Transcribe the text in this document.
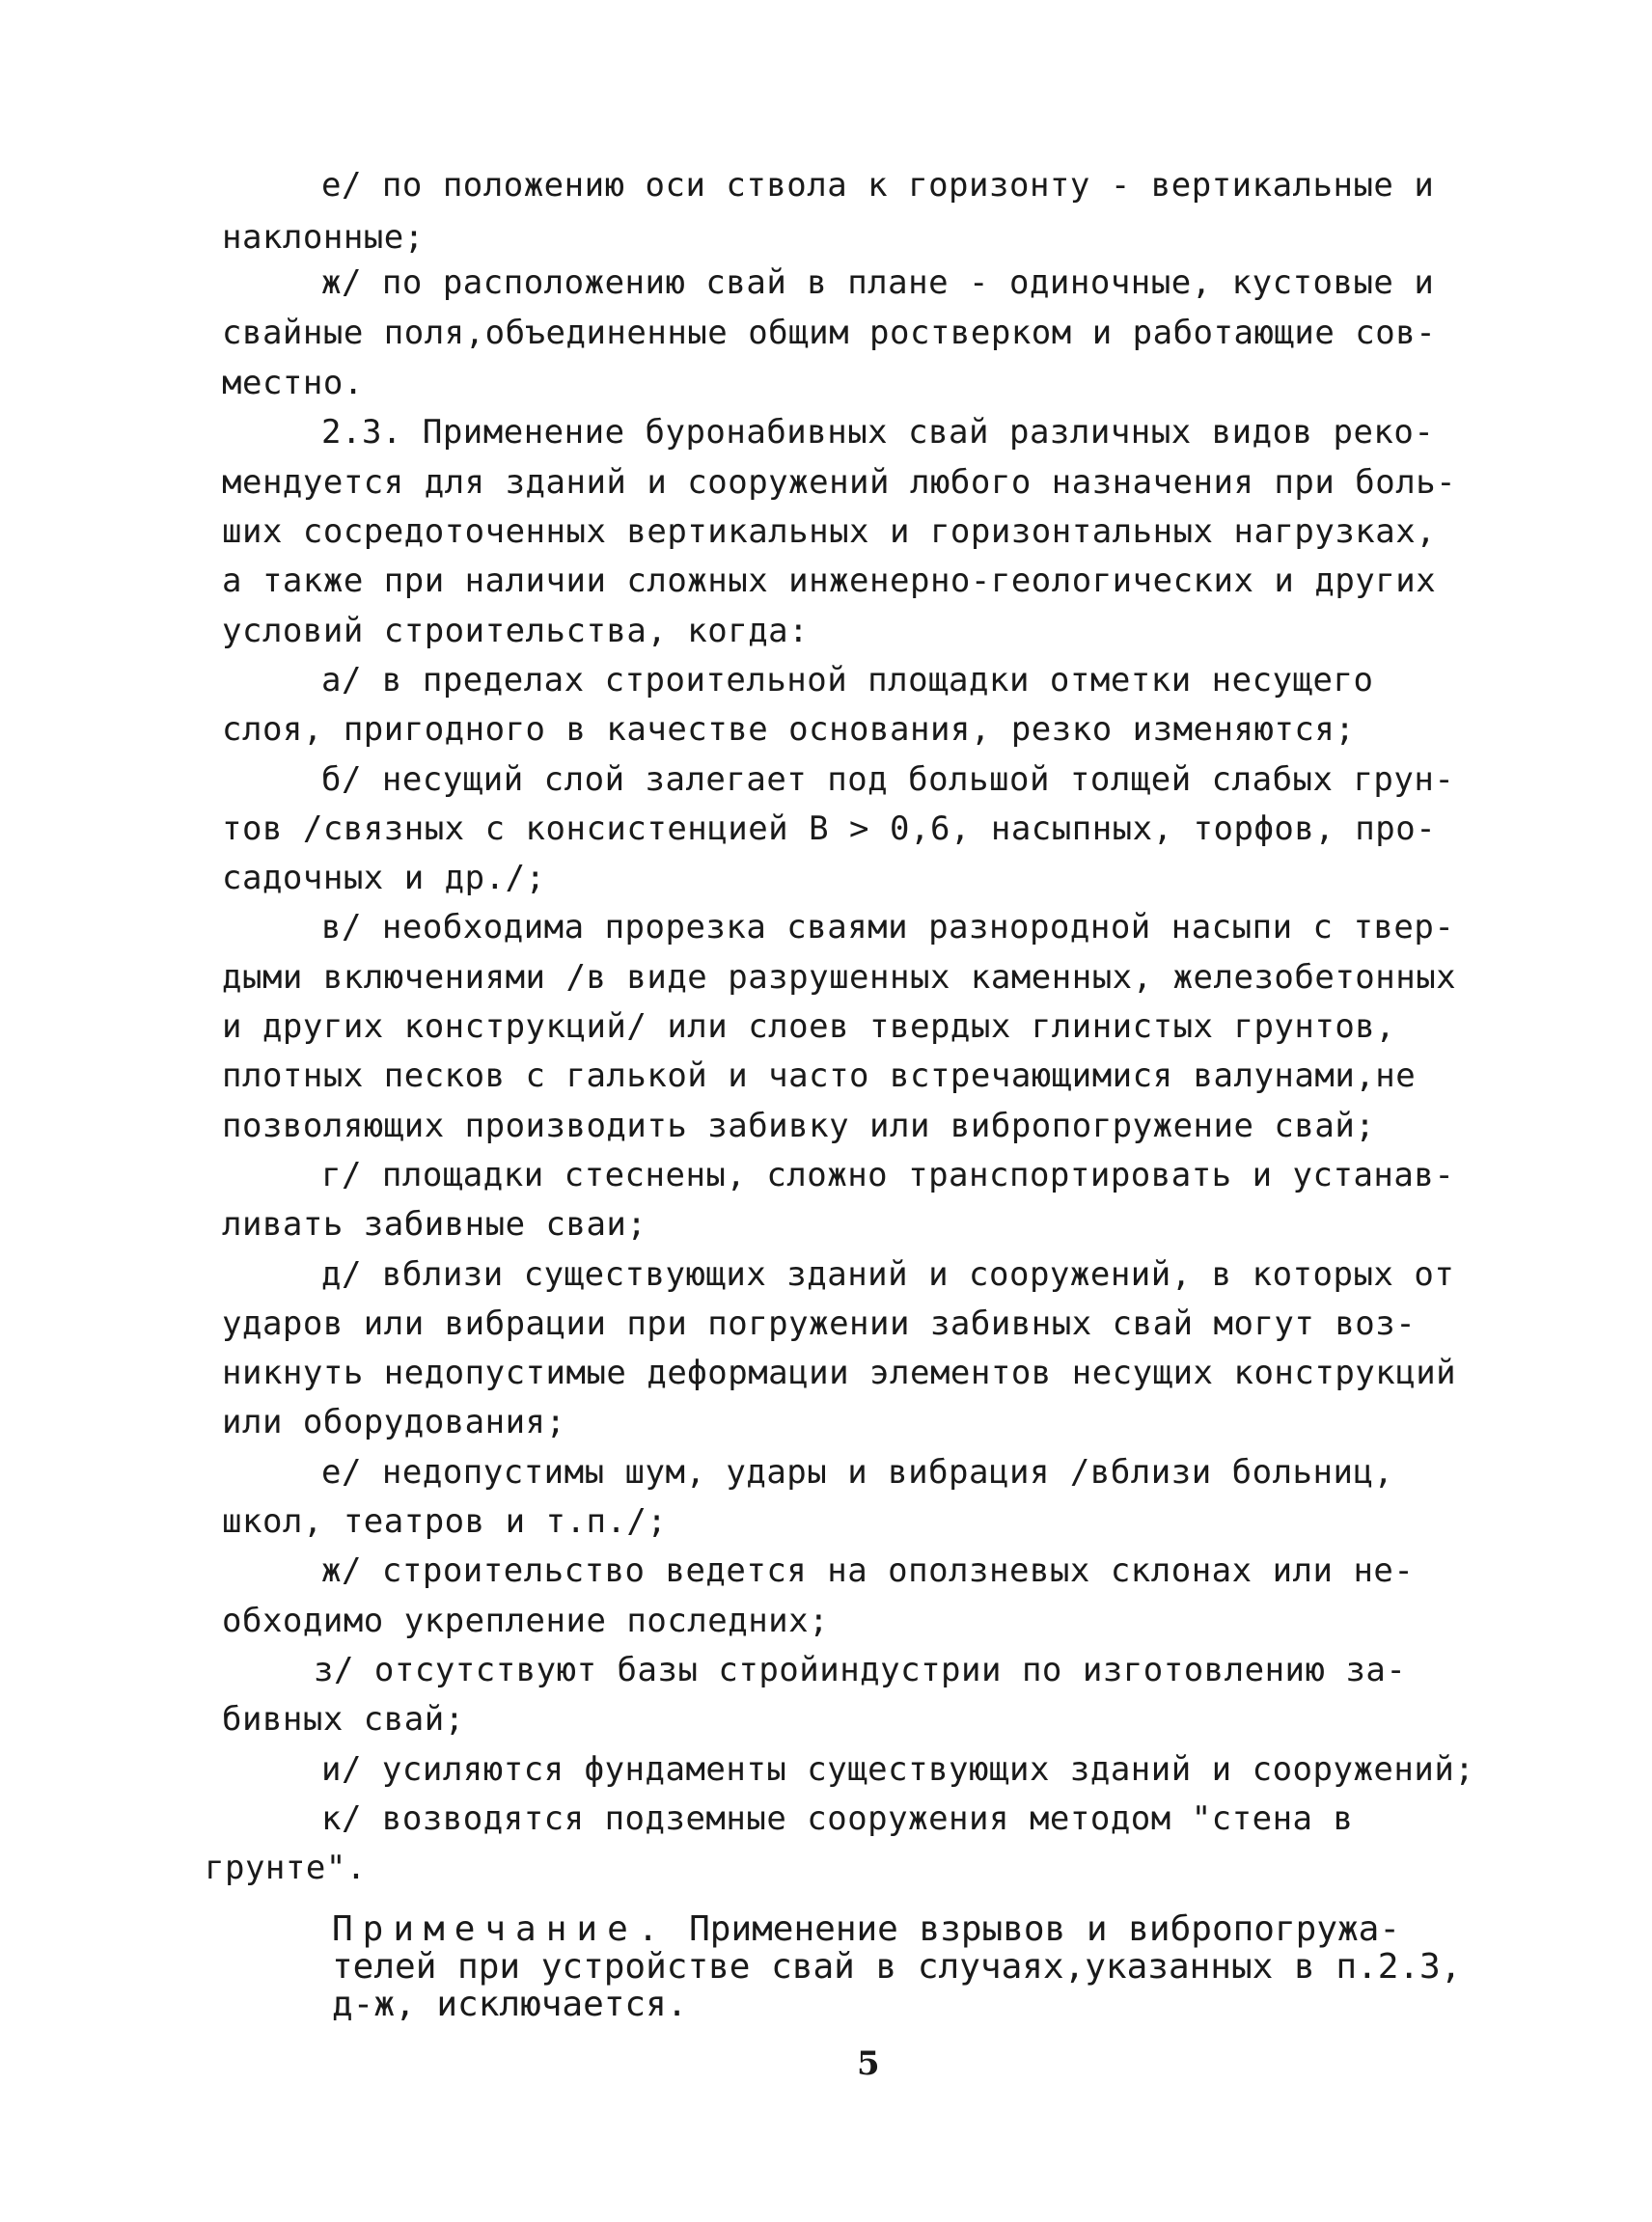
е/ по положению оси ствола к горизонту - вертикальные и
наклонные;
ж/ по расположению свай в плане - одиночные, кустовые и
свайные поля,объединенные общим ростверком и работающие сов-
местно.
2.3. Применение буронабивных свай различных видов реко-
мендуется для зданий и сооружений любого назначения при боль-
ших сосредоточенных вертикальных и горизонтальных нагрузках,
а также при наличии сложных инженерно-геологических и других
условий строительства, когда:
а/ в пределах строительной площадки отметки несущего
слоя, пригодного в качестве основания, резко изменяются;
б/ несущий слой залегает под большой толщей слабых грун-
тов /связных с консистенцией В > 0,6, насыпных, торфов, про-
садочных и др./;
в/ необходима прорезка сваями разнородной насыпи с твер-
дыми включениями /в виде разрушенных каменных, железобетонных
и других конструкций/ или слоев твердых глинистых грунтов,
плотных песков с галькой и часто встречающимися валунами,не
позволяющих производить забивку или вибропогружение свай;
г/ площадки стеснены, сложно транспортировать и устанав-
ливать забивные сваи;
д/ вблизи существующих зданий и сооружений, в которых от
ударов или вибрации при погружении забивных свай могут воз-
никнуть недопустимые деформации элементов несущих конструкций
или оборудования;
е/ недопустимы шум, удары и вибрация /вблизи больниц,
школ, театров и т.п./;
ж/ строительство ведется на оползневых склонах или не-
обходимо укрепление последних;
з/ отсутствуют базы стройиндустрии по изготовлению за-
бивных свай;
и/ усиляются фундаменты существующих зданий и сооружений;
к/ возводятся подземные сооружения методом "стена в
грунте".
Примечание. Применение взрывов и вибропогружа-
телей при устройстве свай в случаях,указанных в п.2.3,
д-ж, исключается.
5
